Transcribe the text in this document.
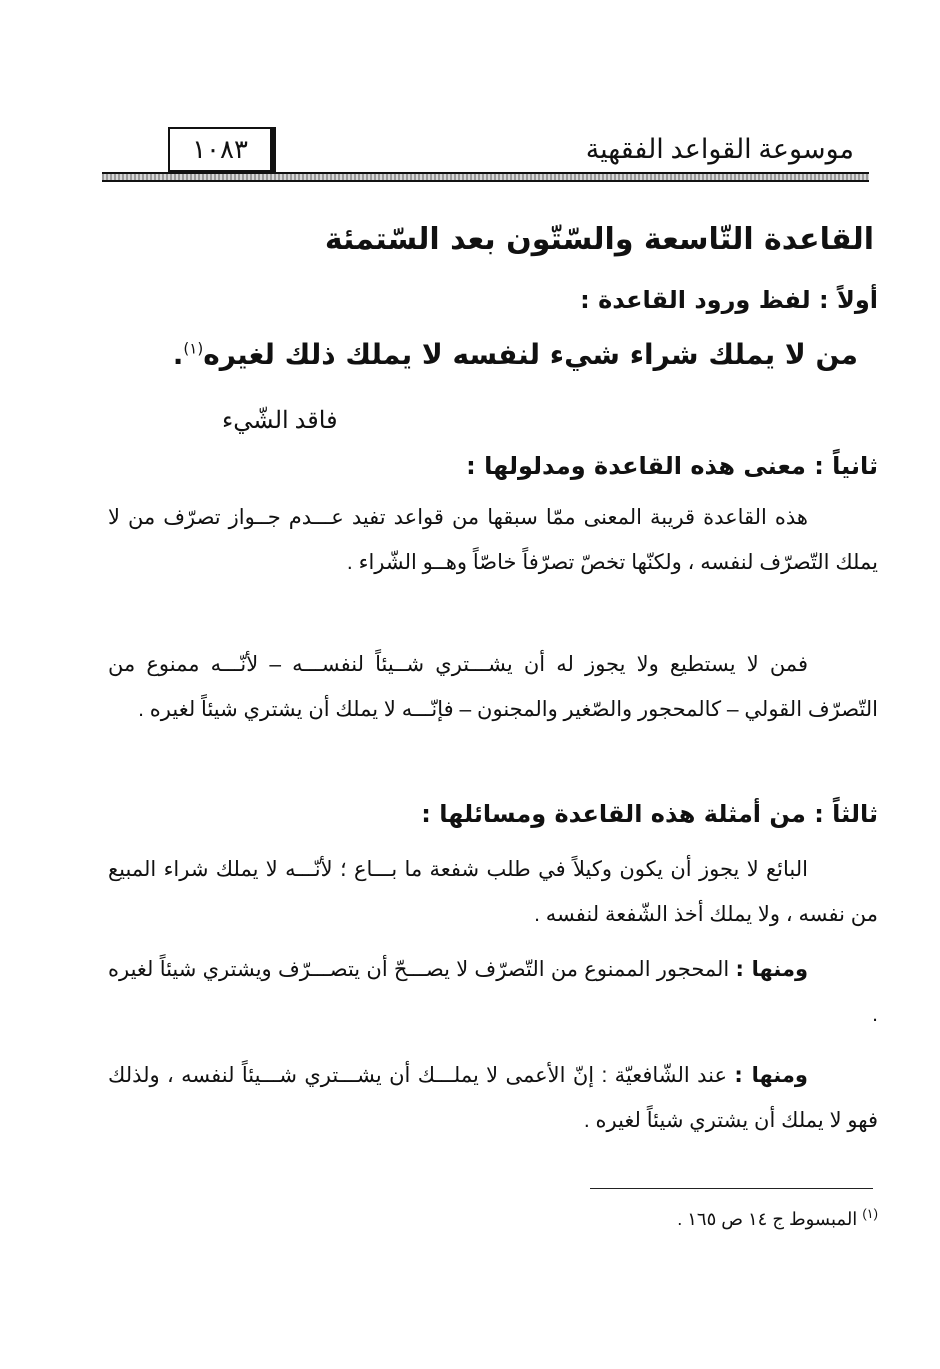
موسوعة القواعد الفقهية
١٠٨٣
القاعدة التّاسعة والسّتّون بعد السّتمئة
أولاً : لفظ ورود القاعدة :
من لا يملك شراء شيء لنفسه لا يملك ذلك لغيره$^{(١)}$.
فاقد الشّيء
ثانياً : معنى هذه القاعدة ومدلولها :

هذه القاعدة قريبة المعنى ممّا سبقها من قواعد تفيد عـــدم جــواز تصرّف من لا يملك التّصرّف لنفسه ، ولكنّها تخصّ تصرّفاً خاصّاً وهــو الشّراء .

فمن لا يستطيع ولا يجوز له أن يشـــتري شــيئاً لنفســـه – لأنّـــه ممنوع من التّصرّف القولي – كالمحجور والصّغير والمجنون – فإنّـــه لا يملك أن يشتري شيئاً لغيره .

ثالثاً : من أمثلة هذه القاعدة ومسائلها :

البائع لا يجوز أن يكون وكيلاً في طلب شفعة ما بـــاع ؛ لأنّـــه لا يملك شراء المبيع من نفسه ، ولا يملك أخذ الشّفعة لنفسه .

ومنها : المحجور الممنوع من التّصرّف لا يصـــحّ أن يتصـــرّف ويشتري شيئاً لغيره .

ومنها : عند الشّافعيّة : إنّ الأعمى لا يملـــك أن يشـــتري شـــيئاً لنفسه ، ولذلك فهو لا يملك أن يشتري شيئاً لغيره .

$^{(١)}$ المبسوط ج ١٤ ص ١٦٥ .
